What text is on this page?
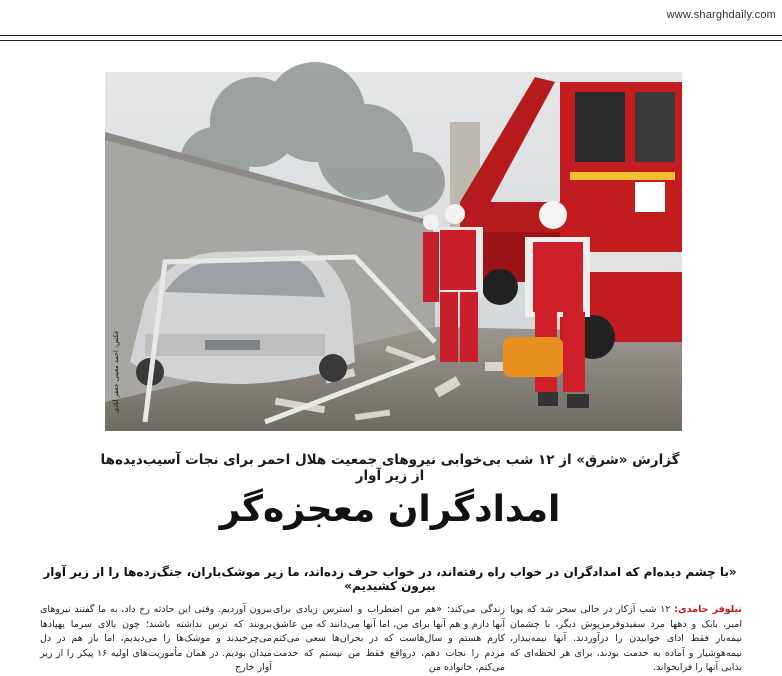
www.sharghdaily.com
عکس: احمد معینی جعفر آبادی
گزارش «شرق» از ۱۲ شب بی‌خوابی نیروهای جمعیت هلال احمر برای نجات آسیب‌دیده‌ها از زیر آوار
امدادگران معجزه‌گر
«با چشم دیده‌ام که امدادگران در خواب راه رفته‌اند، در خواب حرف زده‌اند، ما زیر موشک‌باران، جنگ‌زده‌ها را از زیر آوار بیرون کشیدیم»
نیلوفر حامدی: ۱۲ شب آژکار در حالی سحر شد که پویا امیر، بابک و دهها مرد سفیدوقرمزپوش دیگر، با چشمان نیمه‌باز فقط ادای خوابیدن را درآوردند. آنها نیمه‌بیدار، نیمه‌هوشیار و آماده به خدمت بودند، برای هر لحظه‌ای که ندایی آنها را فرابخواند.
زندگی می‌کند: «هم من اضطراب و استرس زیادی برای آنها دارم و هم آنها برای من، اما آنها می‌دانند که من عاشق کارم هستم و سال‌هاست که در بحران‌ها سعی می‌کنم مردم را نجات دهم، درواقع فقط من نیستم که خدمت می‌کنم، خانواده من
بیرون آوردیم. وقتی این حادثه رخ داد، به ما گفتند نیروهای برونند که ترس نداشته باشند؛ چون بالای سرما پهپادها می‌چرخیدند و موشک‌ها را می‌دیدیم، اما باز هم در دل میدان بودیم. در همان مأموریت‌های اولیه ۱۶ پیکر را از زیر آوار خارج
